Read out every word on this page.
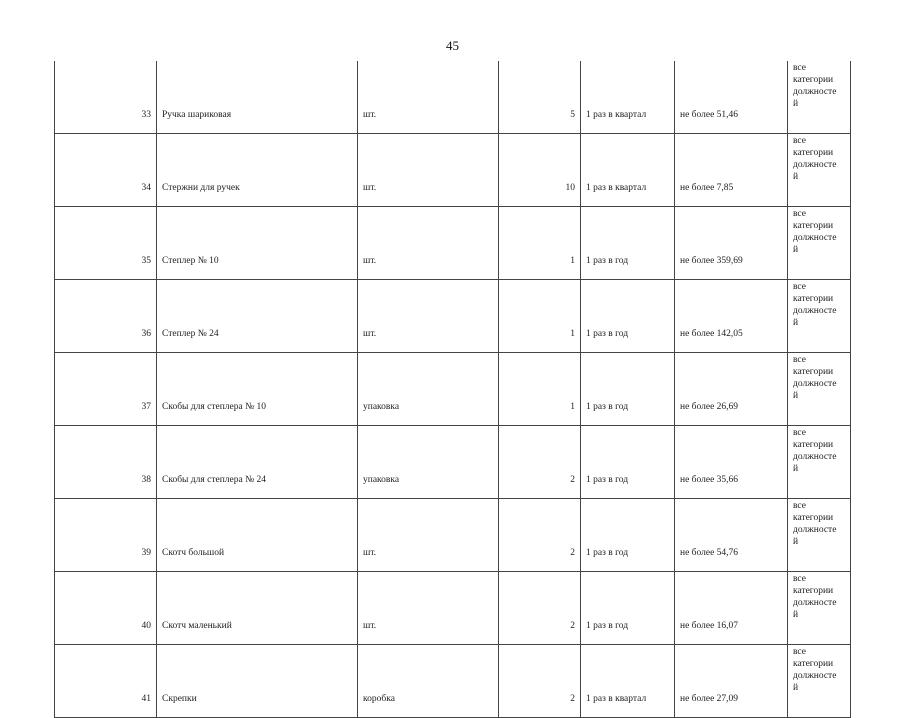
45
33	Ручка шариковая	шт.	5	1 раз в квартал	не более 51,46	все
категории
должносте
й

34	Стержни для ручек	шт.	10	1 раз в квартал	не более 7,85	все
категории
должносте
й

35	Степлер № 10	шт.	1	1 раз в год	не более 359,69	все
категории
должносте
й

36	Степлер № 24	шт.	1	1 раз в год	не более 142,05	все
категории
должносте
й

37	Скобы для степлера № 10	упаковка	1	1 раз в год	не более 26,69	все
категории
должносте
й

38	Скобы для степлера № 24	упаковка	2	1 раз в год	не более 35,66	все
категории
должносте
й

39	Скотч большой	шт.	2	1 раз в год	не более 54,76	все
категории
должносте
й

40	Скотч маленький	шт.	2	1 раз в год	не более 16,07	все
категории
должносте
й

41	Скрепки	коробка	2	1 раз в квартал	не более 27,09	все
категории
должносте
й
